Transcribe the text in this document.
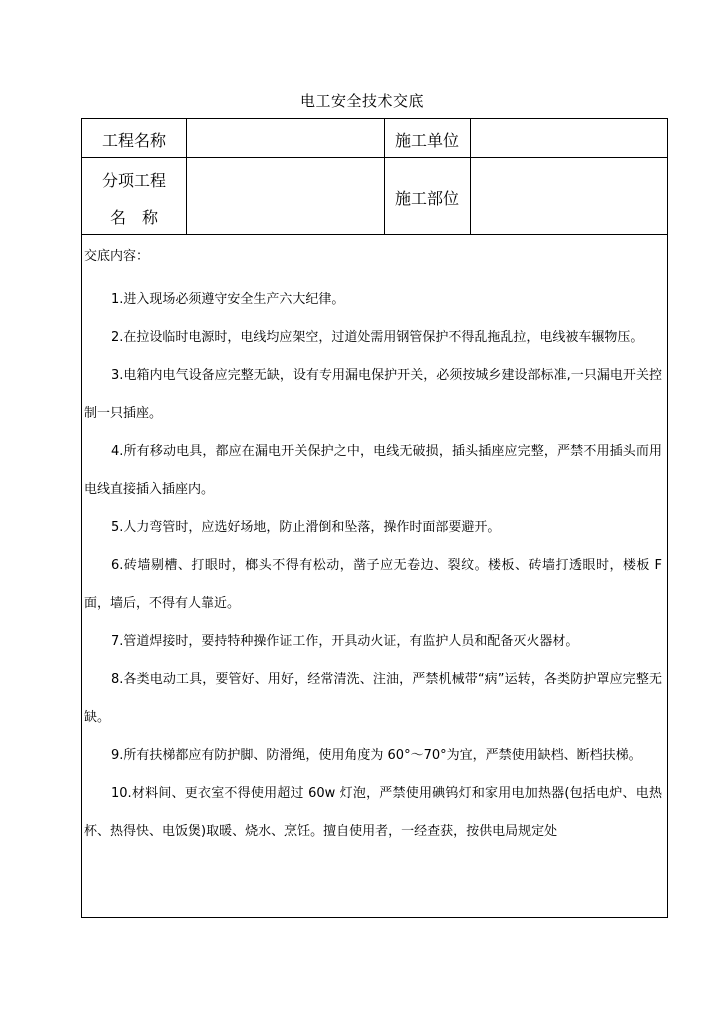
电工安全技术交底
工程名称	施工单位
分项工程
名　称
施工部位
交底内容：

1.进入现场必须遵守安全生产六大纪律。

2.在拉设临时电源时，电线均应架空，过道处需用钢管保护不得乱拖乱拉，电线被车辗物压。

3.电箱内电气设备应完整无缺，设有专用漏电保护开关，必须按城乡建设部标准,一只漏电开关控制一只插座。

4.所有移动电具，都应在漏电开关保护之中，电线无破损，插头插座应完整，严禁不用插头而用电线直接插入插座内。

5.人力弯管时，应选好场地，防止滑倒和坠落，操作时面部要避开。

6.砖墙剔槽、打眼时，榔头不得有松动，凿子应无卷边、裂纹。楼板、砖墙打透眼时，楼板 F 面，墙后，不得有人靠近。

7.管道焊接时，要持特种操作证工作，开具动火证，有监护人员和配备灭火器材。

8.各类电动工具，要管好、用好，经常清洗、注油，严禁机械带“病”运转，各类防护罩应完整无缺。

9.所有扶梯都应有防护脚、防滑绳，使用角度为 60°～70°为宜，严禁使用缺档、断档扶梯。

10.材料间、更衣室不得使用超过 60w 灯泡，严禁使用碘钨灯和家用电加热器(包括电炉、电热杯、热得快、电饭煲)取暖、烧水、烹饪。擅自使用者，一经查获，按供电局规定处
